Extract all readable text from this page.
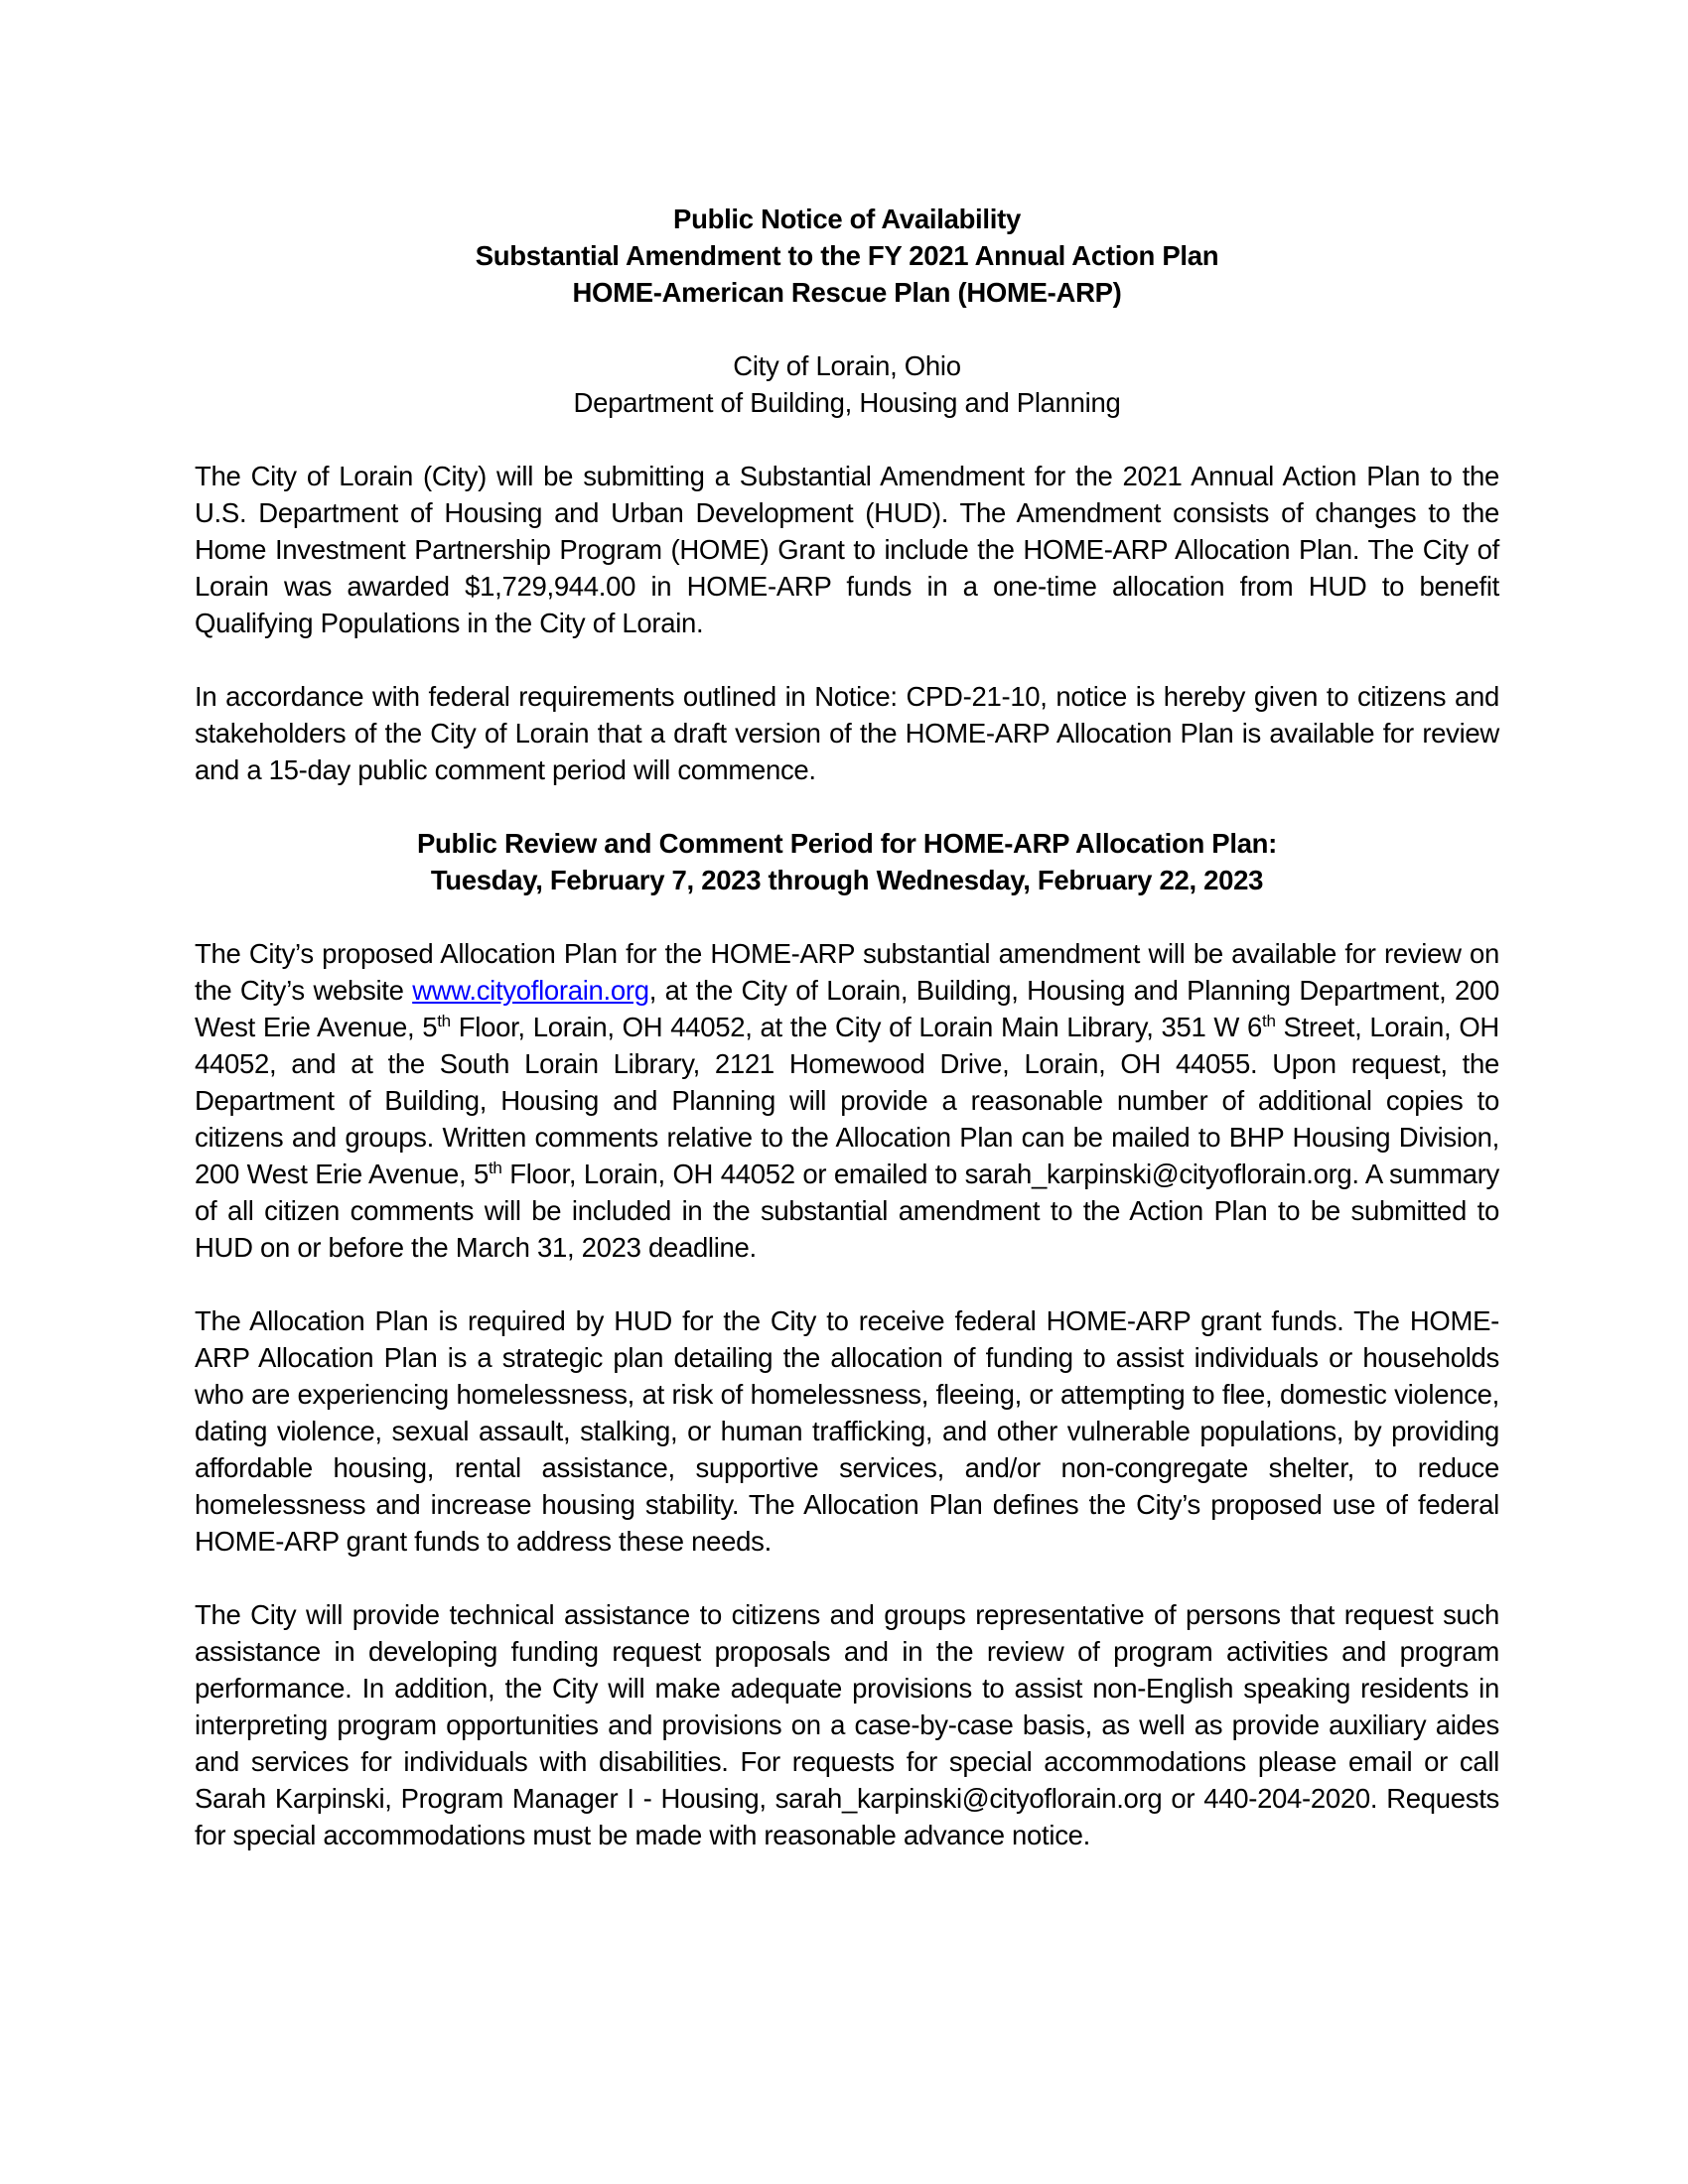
Public Notice of Availability
Substantial Amendment to the FY 2021 Annual Action Plan
HOME-American Rescue Plan (HOME-ARP)
City of Lorain, Ohio
Department of Building, Housing and Planning

The City of Lorain (City) will be submitting a Substantial Amendment for the 2021 Annual Action Plan to the U.S. Department of Housing and Urban Development (HUD). The Amendment consists of changes to the Home Investment Partnership Program (HOME) Grant to include the HOME-ARP Allocation Plan. The City of Lorain was awarded $1,729,944.00 in HOME-ARP funds in a one-time allocation from HUD to benefit Qualifying Populations in the City of Lorain.

In accordance with federal requirements outlined in Notice: CPD-21-10, notice is hereby given to citizens and stakeholders of the City of Lorain that a draft version of the HOME-ARP Allocation Plan is available for review and a 15-day public comment period will commence.

Public Review and Comment Period for HOME-ARP Allocation Plan:
Tuesday, February 7, 2023 through Wednesday, February 22, 2023

The City’s proposed Allocation Plan for the HOME-ARP substantial amendment will be available for review on the City’s website www.cityoflorain.org, at the City of Lorain, Building, Housing and Planning Department, 200 West Erie Avenue, 5th Floor, Lorain, OH 44052, at the City of Lorain Main Library, 351 W 6th Street, Lorain, OH 44052, and at the South Lorain Library, 2121 Homewood Drive, Lorain, OH 44055. Upon request, the Department of Building, Housing and Planning will provide a reasonable number of additional copies to citizens and groups. Written comments relative to the Allocation Plan can be mailed to BHP Housing Division, 200 West Erie Avenue, 5th Floor, Lorain, OH 44052 or emailed to sarah_karpinski@cityoflorain.org. A summary of all citizen comments will be included in the substantial amendment to the Action Plan to be submitted to HUD on or before the March 31, 2023 deadline.

The Allocation Plan is required by HUD for the City to receive federal HOME-ARP grant funds. The HOME-ARP Allocation Plan is a strategic plan detailing the allocation of funding to assist individuals or households who are experiencing homelessness, at risk of homelessness, fleeing, or attempting to flee, domestic violence, dating violence, sexual assault, stalking, or human trafficking, and other vulnerable populations, by providing affordable housing, rental assistance, supportive services, and/or non-congregate shelter, to reduce homelessness and increase housing stability. The Allocation Plan defines the City’s proposed use of federal HOME-ARP grant funds to address these needs.

The City will provide technical assistance to citizens and groups representative of persons that request such assistance in developing funding request proposals and in the review of program activities and program performance. In addition, the City will make adequate provisions to assist non-English speaking residents in interpreting program opportunities and provisions on a case-by-case basis, as well as provide auxiliary aides and services for individuals with disabilities. For requests for special accommodations please email or call Sarah Karpinski, Program Manager I - Housing, sarah_karpinski@cityoflorain.org or 440-204-2020. Requests for special accommodations must be made with reasonable advance notice.
